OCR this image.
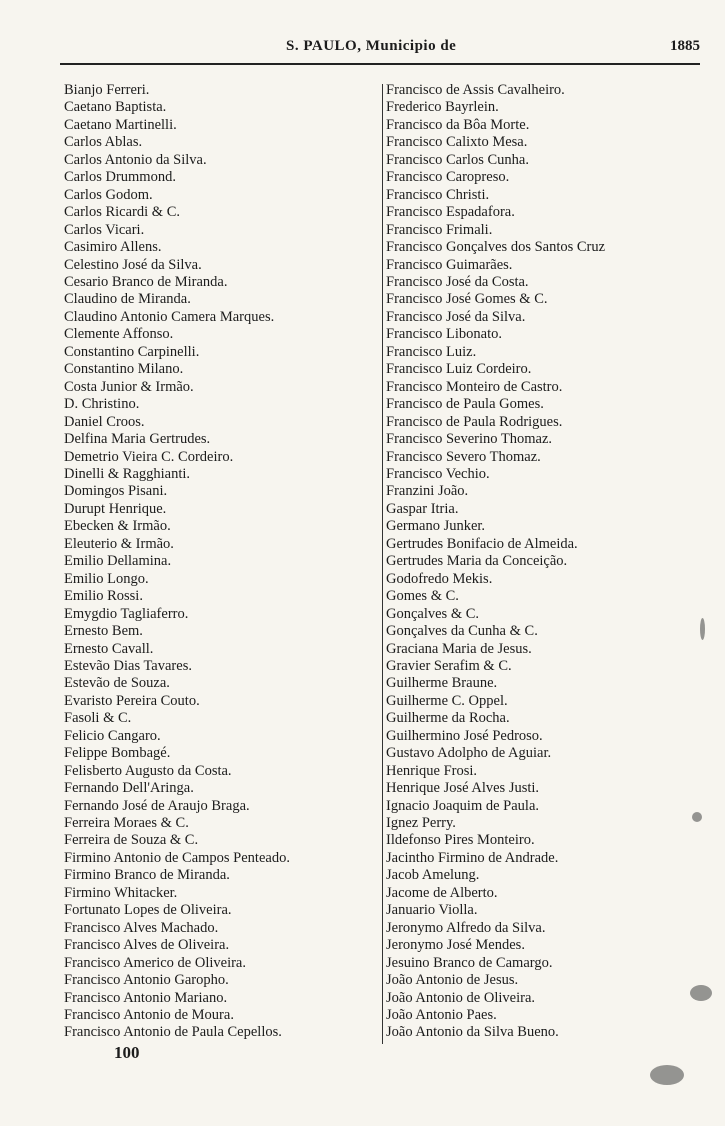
S. PAULO, Municipio de	1885
Bianjo Ferreri.
Caetano Baptista.
Caetano Martinelli.
Carlos Ablas.
Carlos Antonio da Silva.
Carlos Drummond.
Carlos Godom.
Carlos Ricardi & C.
Carlos Vicari.
Casimiro Allens.
Celestino José da Silva.
Cesario Branco de Miranda.
Claudino de Miranda.
Claudino Antonio Camera Marques.
Clemente Affonso.
Constantino Carpinelli.
Constantino Milano.
Costa Junior & Irmão.
D. Christino.
Daniel Croos.
Delfina Maria Gertrudes.
Demetrio Vieira C. Cordeiro.
Dinelli & Ragghianti.
Domingos Pisani.
Durupt Henrique.
Ebecken & Irmão.
Eleuterio & Irmão.
Emilio Dellamina.
Emilio Longo.
Emilio Rossi.
Emygdio Tagliaferro.
Ernesto Bem.
Ernesto Cavall.
Estevão Dias Tavares.
Estevão de Souza.
Evaristo Pereira Couto.
Fasoli & C.
Felicio Cangaro.
Felippe Bombagé.
Felisberto Augusto da Costa.
Fernando Dell'Aringa.
Fernando José de Araujo Braga.
Ferreira Moraes & C.
Ferreira de Souza & C.
Firmino Antonio de Campos Penteado.
Firmino Branco de Miranda.
Firmino Whitacker.
Fortunato Lopes de Oliveira.
Francisco Alves Machado.
Francisco Alves de Oliveira.
Francisco Americo de Oliveira.
Francisco Antonio Garopho.
Francisco Antonio Mariano.
Francisco Antonio de Moura.
Francisco Antonio de Paula Cepellos.
Francisco de Assis Cavalheiro.
Frederico Bayrlein.
Francisco da Bôa Morte.
Francisco Calixto Mesa.
Francisco Carlos Cunha.
Francisco Caropreso.
Francisco Christi.
Francisco Espadafora.
Francisco Frimali.
Francisco Gonçalves dos Santos Cruz
Francisco Guimarães.
Francisco José da Costa.
Francisco José Gomes & C.
Francisco José da Silva.
Francisco Libonato.
Francisco Luiz.
Francisco Luiz Cordeiro.
Francisco Monteiro de Castro.
Francisco de Paula Gomes.
Francisco de Paula Rodrigues.
Francisco Severino Thomaz.
Francisco Severo Thomaz.
Francisco Vechio.
Franzini João.
Gaspar Itria.
Germano Junker.
Gertrudes Bonifacio de Almeida.
Gertrudes Maria da Conceição.
Godofredo Mekis.
Gomes & C.
Gonçalves & C.
Gonçalves da Cunha & C.
Graciana Maria de Jesus.
Gravier Serafim & C.
Guilherme Braune.
Guilherme C. Oppel.
Guilherme da Rocha.
Guilhermino José Pedroso.
Gustavo Adolpho de Aguiar.
Henrique Frosi.
Henrique José Alves Justi.
Ignacio Joaquim de Paula.
Ignez Perry.
Ildefonso Pires Monteiro.
Jacintho Firmino de Andrade.
Jacob Amelung.
Jacome de Alberto.
Januario Violla.
Jeronymo Alfredo da Silva.
Jeronymo José Mendes.
Jesuino Branco de Camargo.
João Antonio de Jesus.
João Antonio de Oliveira.
João Antonio Paes.
João Antonio da Silva Bueno.
100
